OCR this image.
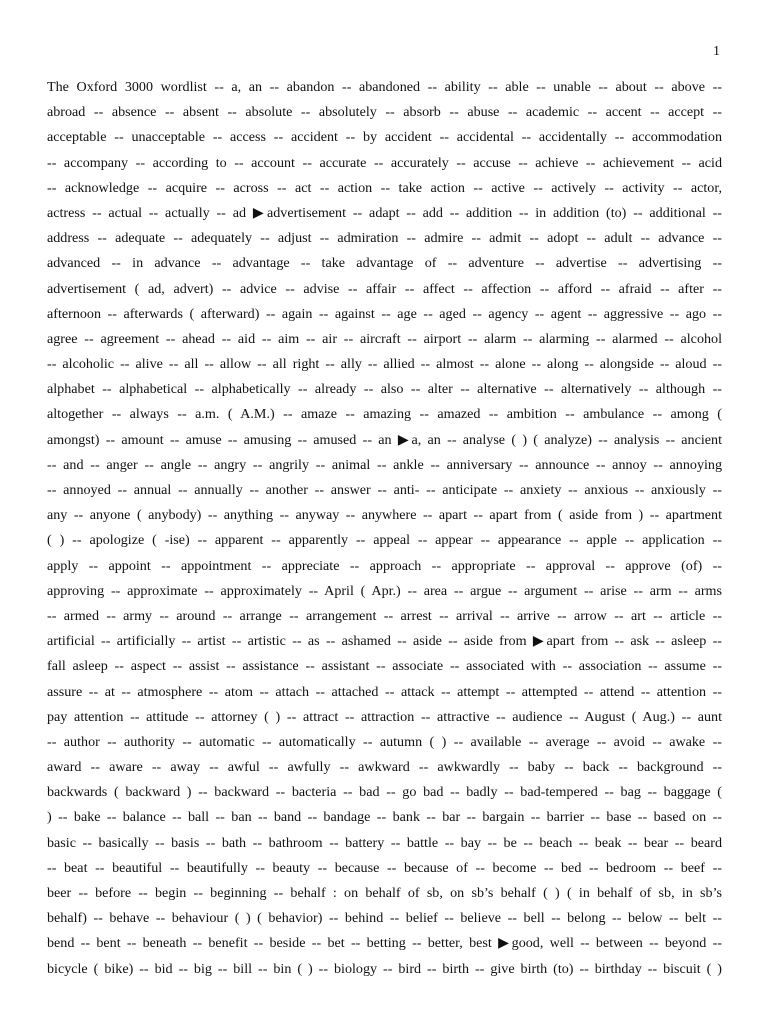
1
The Oxford 3000 wordlist -- a, an -- abandon -- abandoned -- ability -- able -- unable -- about -- above --
abroad -- absence -- absent -- absolute -- absolutely -- absorb -- abuse -- academic -- accent -- accept --
acceptable -- unacceptable -- access -- accident -- by accident -- accidental -- accidentally -- accommodation
-- accompany -- according to -- account -- accurate -- accurately -- accuse -- achieve -- achievement -- acid
-- acknowledge -- acquire -- across -- act -- action -- take action -- active -- actively -- activity -- actor,
actress -- actual -- actually -- ad ▶advertisement -- adapt -- add -- addition -- in addition (to) -- additional --
address -- adequate -- adequately -- adjust -- admiration -- admire -- admit -- adopt -- adult -- advance --
advanced -- in advance -- advantage -- take advantage of -- adventure -- advertise -- advertising --
advertisement ( ad, advert) -- advice -- advise -- affair -- affect -- affection -- afford -- afraid -- after --
afternoon -- afterwards ( afterward) -- again -- against -- age -- aged -- agency -- agent -- aggressive -- ago --
agree -- agreement -- ahead -- aid -- aim -- air -- aircraft -- airport -- alarm -- alarming -- alarmed -- alcohol
-- alcoholic -- alive -- all -- allow -- all right -- ally -- allied -- almost -- alone -- along -- alongside -- aloud --
alphabet -- alphabetical -- alphabetically -- already -- also -- alter -- alternative -- alternatively -- although --
altogether -- always -- a.m. ( A.M.) -- amaze -- amazing -- amazed -- ambition -- ambulance -- among (
amongst) -- amount -- amuse -- amusing -- amused -- an ▶a, an -- analyse ( ) ( analyze) -- analysis -- ancient
-- and -- anger -- angle -- angry -- angrily -- animal -- ankle -- anniversary -- announce -- annoy -- annoying
-- annoyed -- annual -- annually -- another -- answer -- anti- -- anticipate -- anxiety -- anxious -- anxiously --
any -- anyone ( anybody) -- anything -- anyway -- anywhere -- apart -- apart from ( aside from ) -- apartment
( ) -- apologize ( -ise) -- apparent -- apparently -- appeal -- appear -- appearance -- apple -- application --
apply -- appoint -- appointment -- appreciate -- approach -- appropriate -- approval -- approve (of) --
approving -- approximate -- approximately -- April ( Apr.) -- area -- argue -- argument -- arise -- arm -- arms
-- armed -- army -- around -- arrange -- arrangement -- arrest -- arrival -- arrive -- arrow -- art -- article --
artificial -- artificially -- artist -- artistic -- as -- ashamed -- aside -- aside from ▶apart from -- ask -- asleep --
fall asleep -- aspect -- assist -- assistance -- assistant -- associate -- associated with -- association -- assume --
assure -- at -- atmosphere -- atom -- attach -- attached -- attack -- attempt -- attempted -- attend -- attention --
pay attention -- attitude -- attorney ( ) -- attract -- attraction -- attractive -- audience -- August ( Aug.) -- aunt
-- author -- authority -- automatic -- automatically -- autumn ( ) -- available -- average -- avoid -- awake --
award -- aware -- away -- awful -- awfully -- awkward -- awkwardly -- baby -- back -- background --
backwards ( backward ) -- backward -- bacteria -- bad -- go bad -- badly -- bad-tempered -- bag -- baggage (
) -- bake -- balance -- ball -- ban -- band -- bandage -- bank -- bar -- bargain -- barrier -- base -- based on --
basic -- basically -- basis -- bath -- bathroom -- battery -- battle -- bay -- be -- beach -- beak -- bear -- beard
-- beat -- beautiful -- beautifully -- beauty -- because -- because of -- become -- bed -- bedroom -- beef --
beer -- before -- begin -- beginning -- behalf : on behalf of sb, on sb’s behalf ( ) ( in behalf of sb, in sb’s
behalf) -- behave -- behaviour ( ) ( behavior) -- behind -- belief -- believe -- bell -- belong -- below -- belt --
bend -- bent -- beneath -- benefit -- beside -- bet -- betting -- better, best ▶good, well -- between -- beyond --
bicycle ( bike) -- bid -- big -- bill -- bin ( ) -- biology -- bird -- birth -- give birth (to) -- birthday -- biscuit ( )
